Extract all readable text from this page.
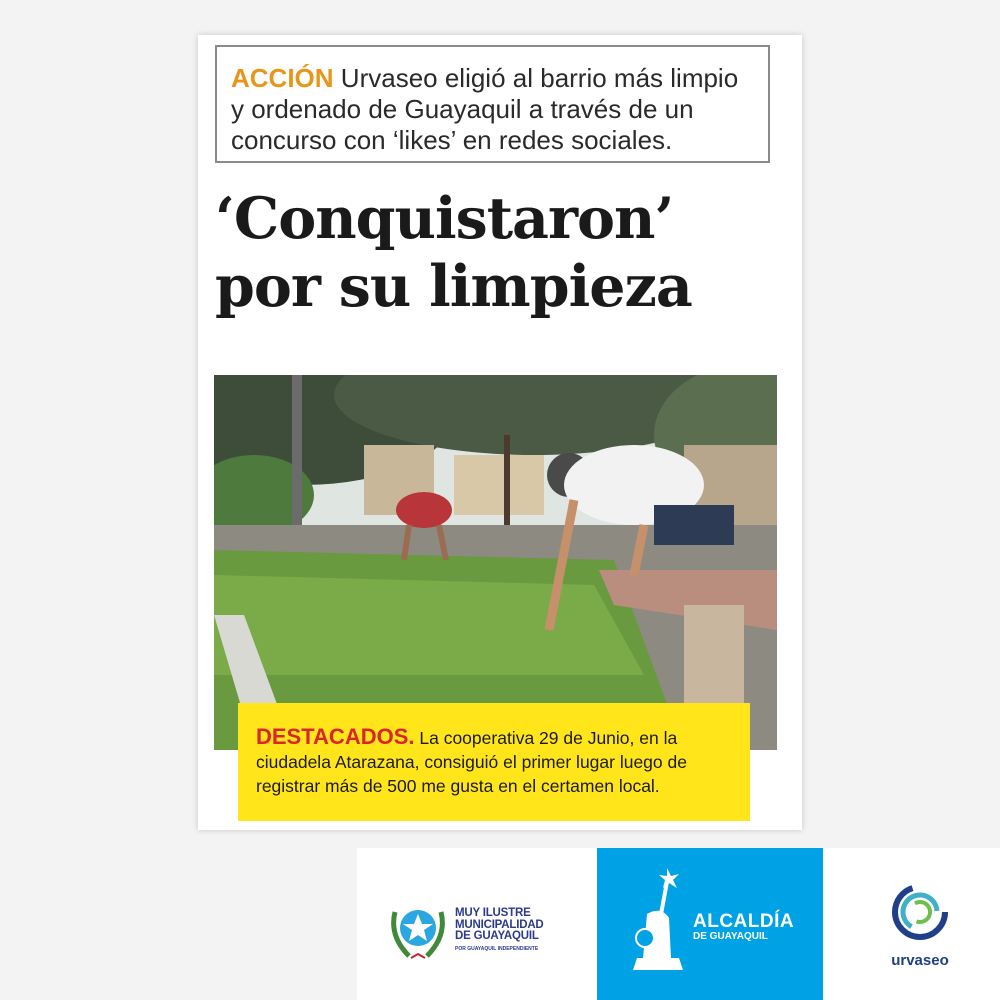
ACCIÓN Urvaseo eligió al barrio más limpio y ordenado de Guayaquil a través de un concurso con ‘likes’ en redes sociales.
‘Conquistaron’
por su limpieza
DESTACADOS. La cooperativa 29 de Junio, en la ciudadela Atarazana, consiguió el primer lugar luego de registrar más de 500 me gusta en el certamen local.
MUY ILUSTRE
MUNICIPALIDAD
DE GUAYAQUIL
POR GUAYAQUIL INDEPENDIENTE
ALCALDÍA
DE GUAYAQUIL
urvaseo
